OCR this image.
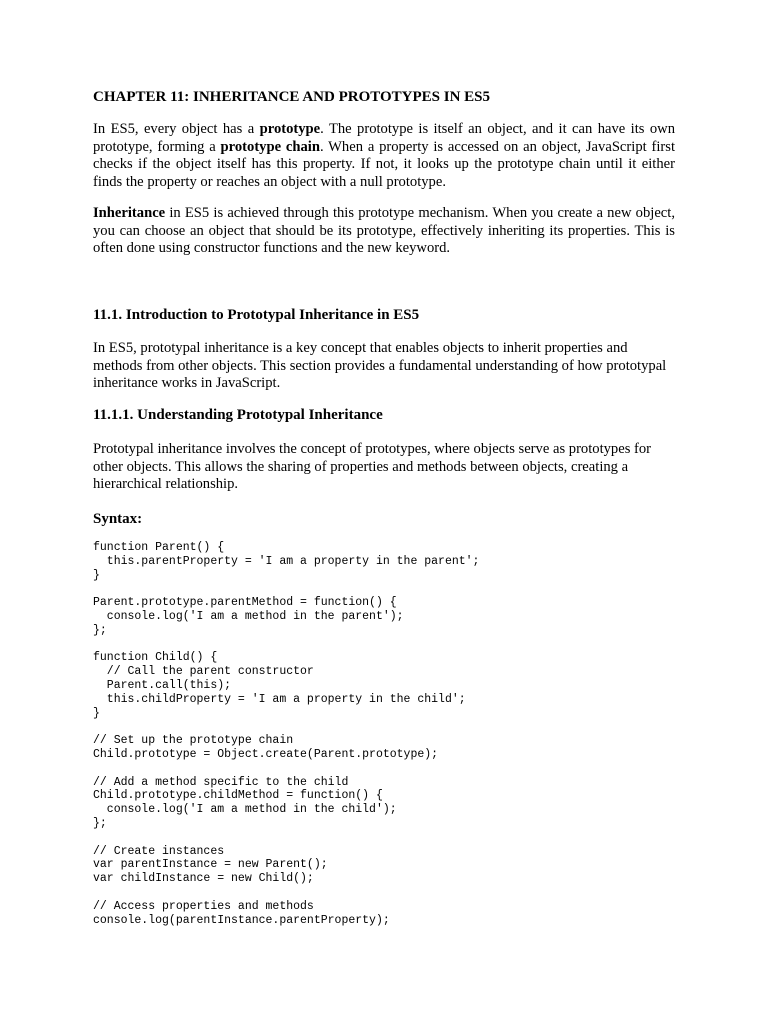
CHAPTER 11: INHERITANCE AND PROTOTYPES IN ES5

In ES5, every object has a prototype. The prototype is itself an object, and it can have its own prototype, forming a prototype chain. When a property is accessed on an object, JavaScript first checks if the object itself has this property. If not, it looks up the prototype chain until it either finds the property or reaches an object with a null prototype.

Inheritance in ES5 is achieved through this prototype mechanism. When you create a new object, you can choose an object that should be its prototype, effectively inheriting its properties. This is often done using constructor functions and the new keyword.

11.1. Introduction to Prototypal Inheritance in ES5

In ES5, prototypal inheritance is a key concept that enables objects to inherit properties and methods from other objects. This section provides a fundamental understanding of how prototypal inheritance works in JavaScript.

11.1.1. Understanding Prototypal Inheritance

Prototypal inheritance involves the concept of prototypes, where objects serve as prototypes for other objects. This allows the sharing of properties and methods between objects, creating a hierarchical relationship.

Syntax:
function Parent() {
this.parentProperty = 'I am a property in the parent';
}

Parent.prototype.parentMethod = function() {
console.log('I am a method in the parent');
};

function Child() {
// Call the parent constructor
Parent.call(this);
this.childProperty = 'I am a property in the child';
}

// Set up the prototype chain
Child.prototype = Object.create(Parent.prototype);

// Add a method specific to the child
Child.prototype.childMethod = function() {
console.log('I am a method in the child');
};

// Create instances
var parentInstance = new Parent();
var childInstance = new Child();

// Access properties and methods
console.log(parentInstance.parentProperty);
